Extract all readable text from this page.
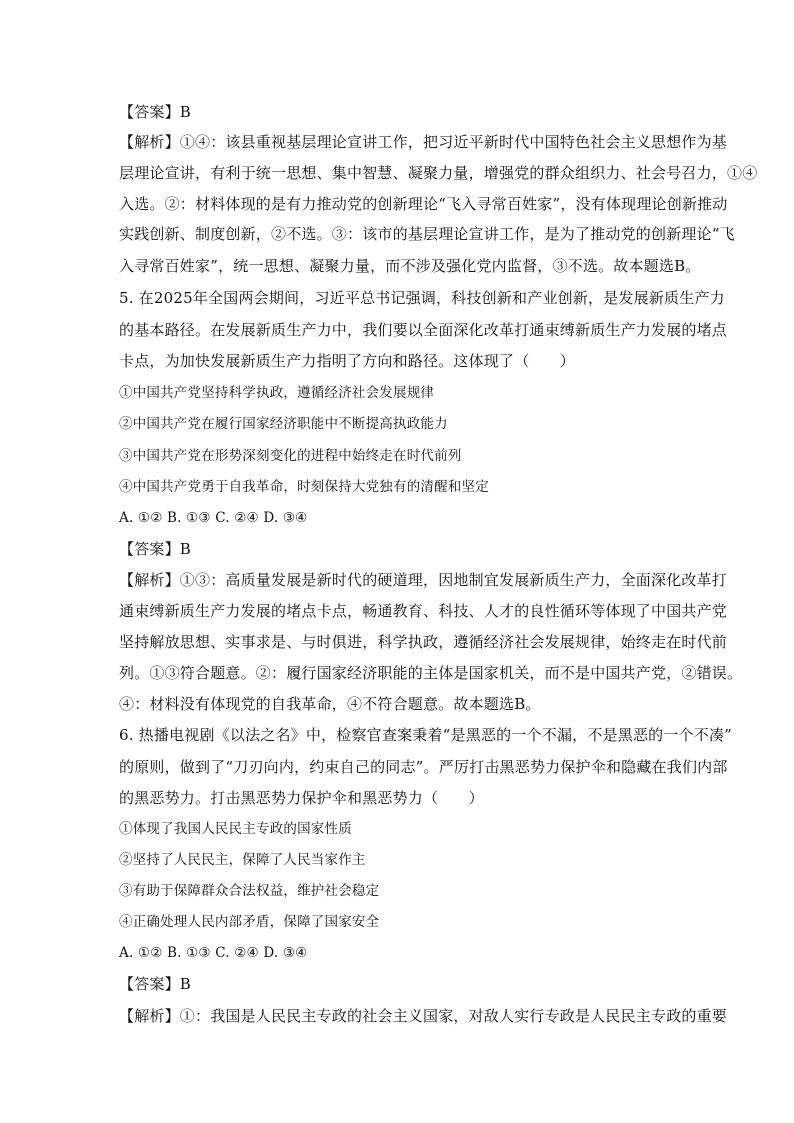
【答案】B
【解析】①④：该县重视基层理论宣讲工作，把习近平新时代中国特色社会主义思想作为基
层理论宣讲，有利于统一思想、集中智慧、凝聚力量，增强党的群众组织力、社会号召力，①④
入选。②：材料体现的是有力推动党的创新理论“飞入寻常百姓家”，没有体现理论创新推动
实践创新、制度创新，②不选。③：该市的基层理论宣讲工作，是为了推动党的创新理论“飞
入寻常百姓家”，统一思想、凝聚力量，而不涉及强化党内监督，③不选。故本题选B。
5. 在2025年全国两会期间，习近平总书记强调，科技创新和产业创新，是发展新质生产力
的基本路径。在发展新质生产力中，我们要以全面深化改革打通束缚新质生产力发展的堵点
卡点，为加快发展新质生产力指明了方向和路径。这体现了（　　）
①中国共产党坚持科学执政，遵循经济社会发展规律
②中国共产党在履行国家经济职能中不断提高执政能力
③中国共产党在形势深刻变化的进程中始终走在时代前列
④中国共产党勇于自我革命，时刻保持大党独有的清醒和坚定
A. ①② B. ①③ C. ②④ D. ③④
【答案】B
【解析】①③：高质量发展是新时代的硬道理，因地制宜发展新质生产力，全面深化改革打
通束缚新质生产力发展的堵点卡点，畅通教育、科技、人才的良性循环等体现了中国共产党
坚持解放思想、实事求是、与时俱进，科学执政，遵循经济社会发展规律，始终走在时代前
列。①③符合题意。②：履行国家经济职能的主体是国家机关，而不是中国共产党，②错误。
④：材料没有体现党的自我革命，④不符合题意。故本题选B。
6. 热播电视剧《以法之名》中，检察官查案秉着“是黑恶的一个不漏，不是黑恶的一个不凑”
的原则，做到了“刀刃向内，约束自己的同志”。严厉打击黑恶势力保护伞和隐藏在我们内部
的黑恶势力。打击黑恶势力保护伞和黑恶势力（　　）
①体现了我国人民民主专政的国家性质
②坚持了人民民主，保障了人民当家作主
③有助于保障群众合法权益，维护社会稳定
④正确处理人民内部矛盾，保障了国家安全
A. ①② B. ①③ C. ②④ D. ③④
【答案】B
【解析】①：我国是人民民主专政的社会主义国家，对敌人实行专政是人民民主专政的重要
